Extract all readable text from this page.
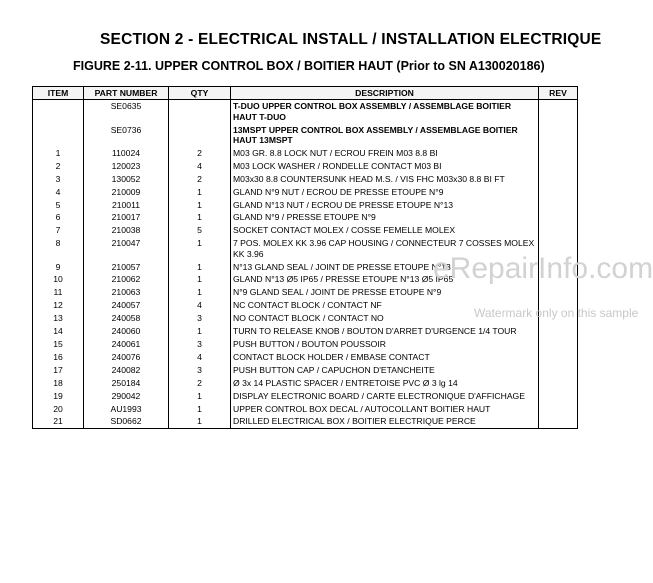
SECTION 2 - ELECTRICAL INSTALL / INSTALLATION ELECTRIQUE
FIGURE 2-11. UPPER CONTROL BOX / BOITIER HAUT (Prior to SN A130020186)
ITEM	PART NUMBER	QTY	DESCRIPTION	REV
	SE0635		T-DUO UPPER CONTROL BOX ASSEMBLY / ASSEMBLAGE BOITIER HAUT T-DUO	
	SE0736		13MSPT UPPER CONTROL BOX ASSEMBLY / ASSEMBLAGE BOITIER HAUT 13MSPT	
1	110024	2	M03 GR. 8.8 LOCK NUT / ECROU FREIN M03 8.8 BI	
2	120023	4	M03 LOCK WASHER / RONDELLE CONTACT M03 BI	
3	130052	2	M03x30 8.8 COUNTERSUNK HEAD M.S. / VIS FHC M03x30 8.8 BI FT	
4	210009	1	GLAND N°9 NUT / ECROU DE PRESSE ETOUPE N°9	
5	210011	1	GLAND N°13 NUT / ECROU DE PRESSE ETOUPE N°13	
6	210017	1	GLAND N°9 / PRESSE ETOUPE N°9	
7	210038	5	SOCKET CONTACT MOLEX / COSSE FEMELLE MOLEX	
8	210047	1	7 POS. MOLEX KK 3.96 CAP HOUSING / CONNECTEUR 7 COSSES MOLEX KK 3.96	
9	210057	1	N°13 GLAND SEAL / JOINT DE PRESSE ETOUPE N°13	
10	210062	1	GLAND N°13 Ø5 IP65 / PRESSE ETOUPE N°13 Ø5 IP65	
11	210063	1	N°9 GLAND SEAL / JOINT DE PRESSE ETOUPE N°9	
12	240057	4	NC CONTACT BLOCK / CONTACT NF	
13	240058	3	NO CONTACT BLOCK / CONTACT NO	
14	240060	1	TURN TO RELEASE KNOB / BOUTON D'ARRET D'URGENCE 1/4 TOUR	
15	240061	3	PUSH BUTTON / BOUTON POUSSOIR	
16	240076	4	CONTACT BLOCK HOLDER / EMBASE CONTACT	
17	240082	3	PUSH BUTTON CAP / CAPUCHON D'ETANCHEITE	
18	250184	2	Ø 3x 14 PLASTIC SPACER / ENTRETOISE PVC Ø 3 lg 14	
19	290042	1	DISPLAY ELECTRONIC BOARD / CARTE ELECTRONIQUE D'AFFICHAGE	
20	AU1993	1	UPPER CONTROL BOX DECAL / AUTOCOLLANT BOITIER HAUT	
21	SD0662	1	DRILLED ELECTRICAL BOX / BOITIER ELECTRIQUE PERCE	
eRepairInfo.com
Watermark only on this sample
